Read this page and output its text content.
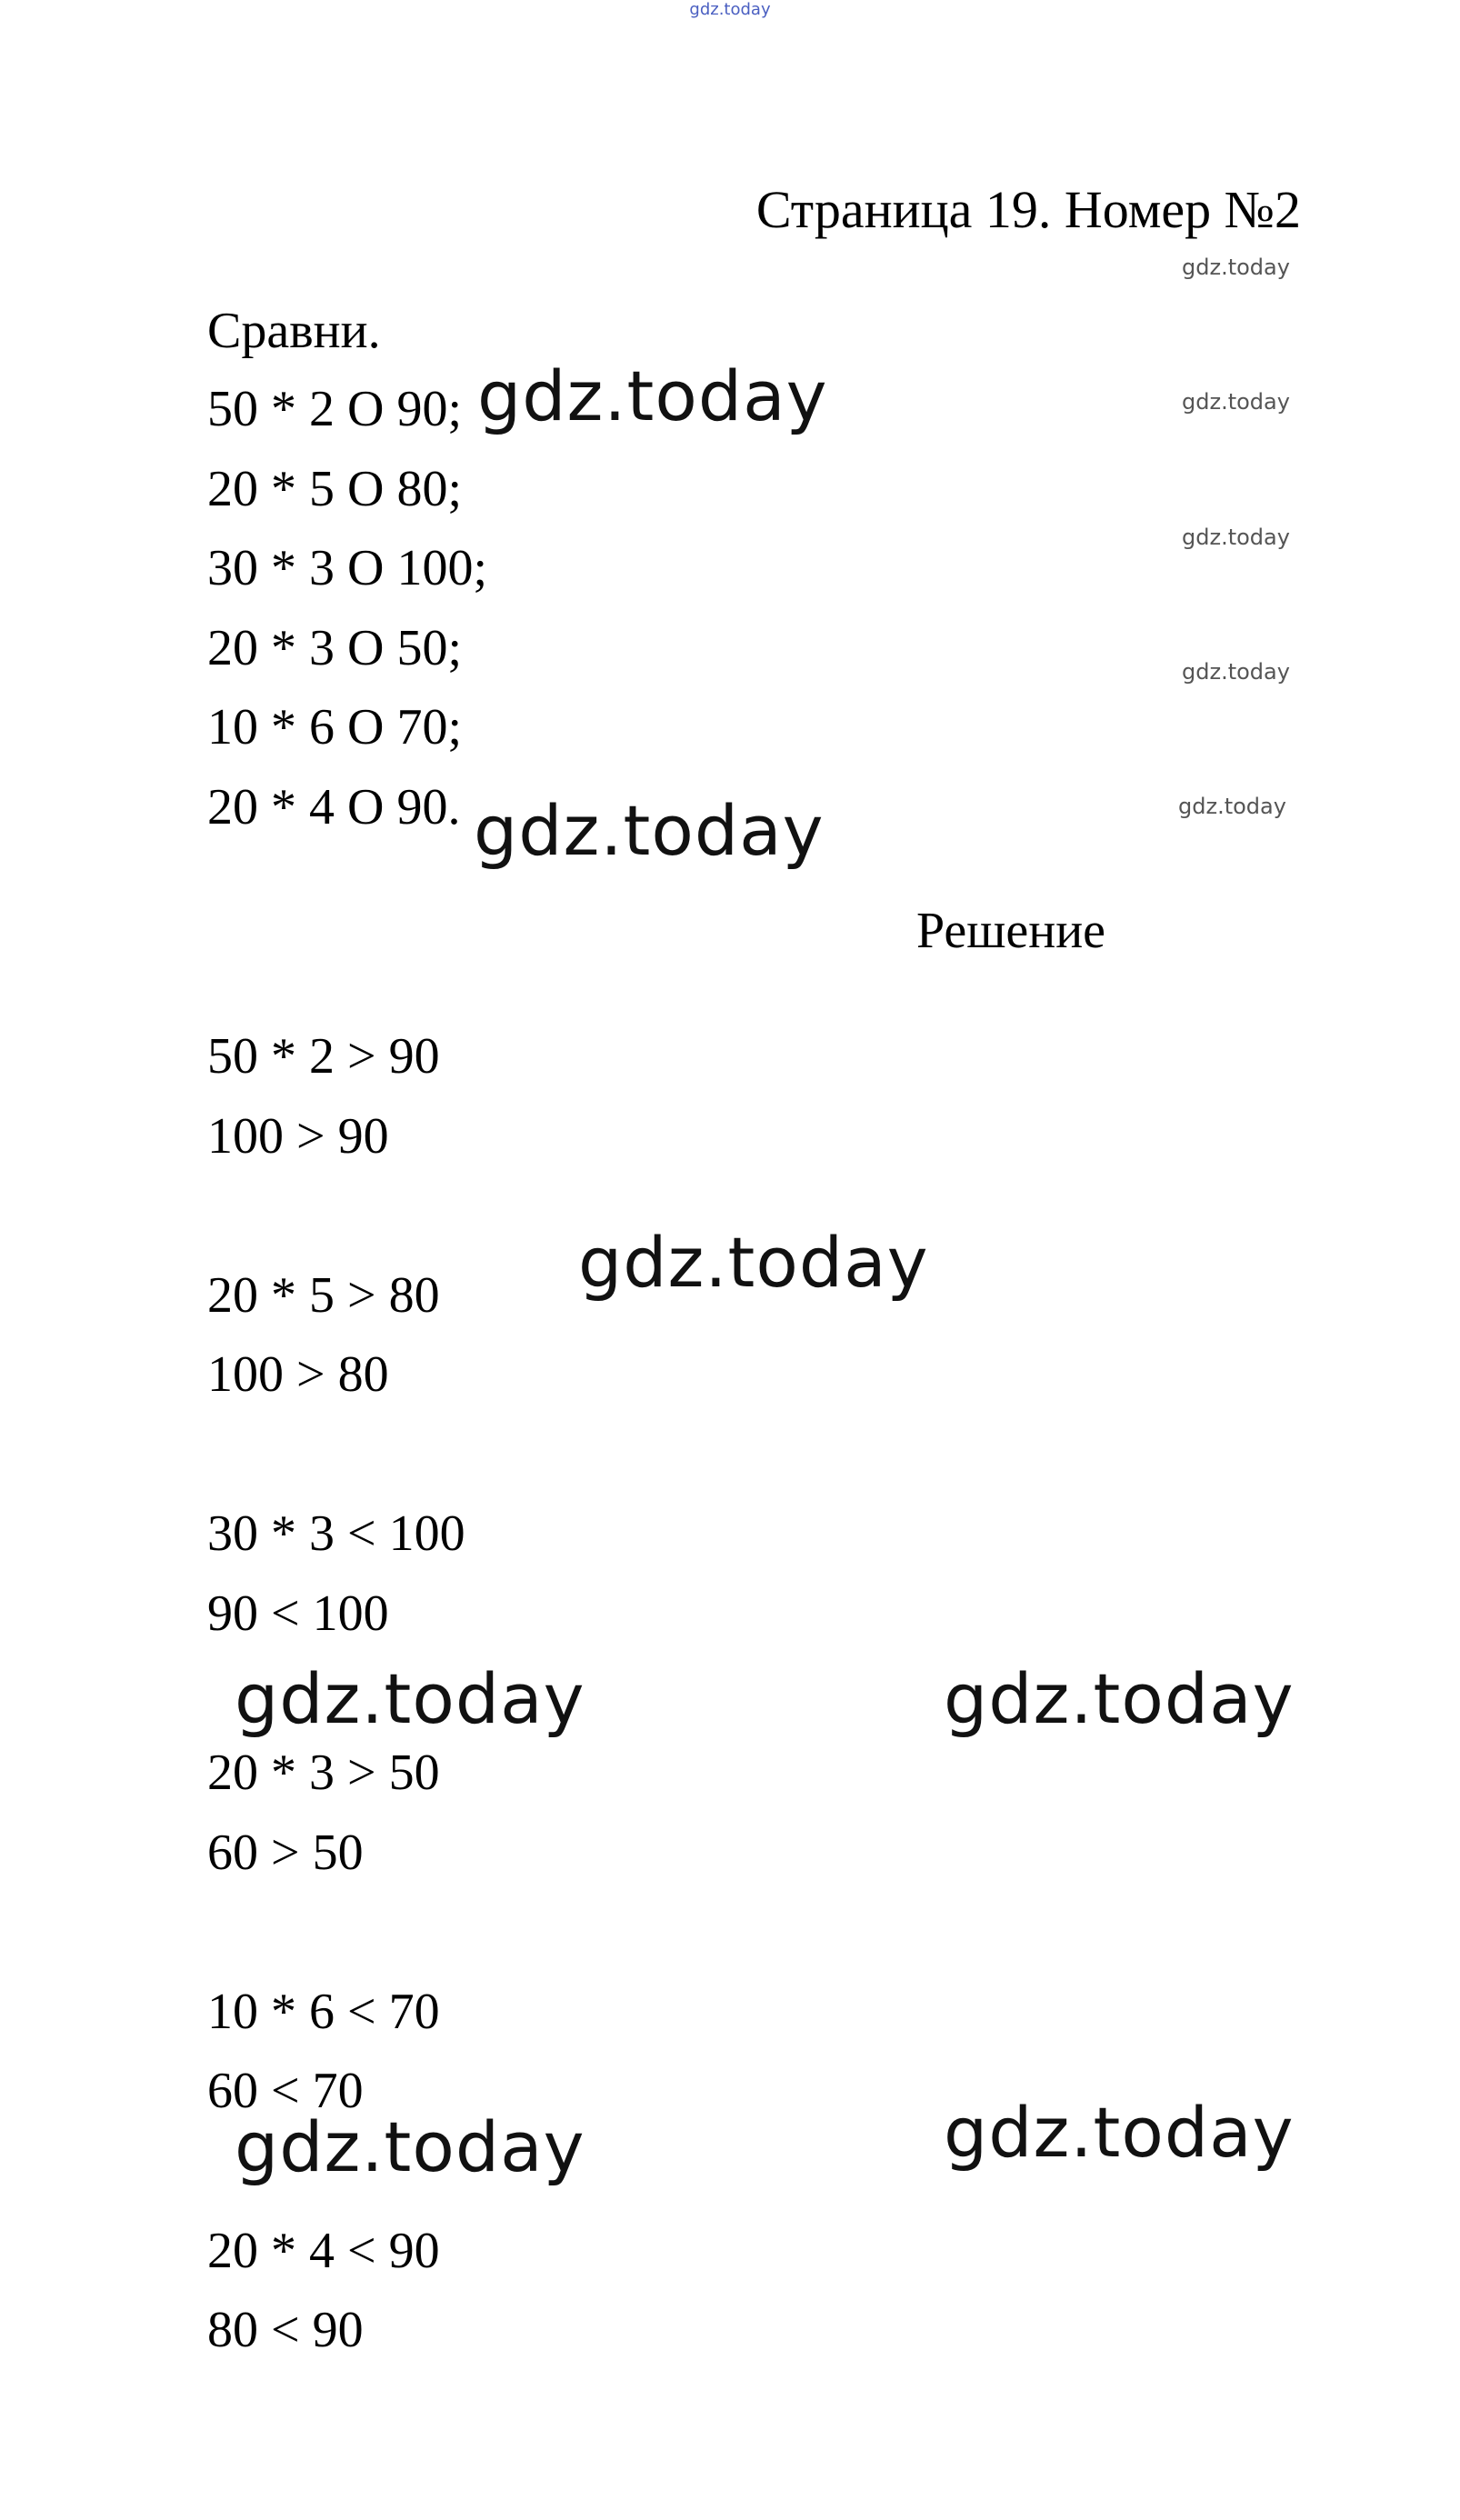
gdz.today
Страница 19. Номер №2
gdz.today
gdz.today
gdz.today
gdz.today
gdz.today
Сравни.
50 * 2 O 90;
20 * 5 O 80;
30 * 3 O 100;
20 * 3 O 50;
10 * 6 O 70;
20 * 4 O 90.
Решение
50 * 2 > 90
100 > 90
20 * 5 > 80
100 > 80
30 * 3 < 100
90 < 100
20 * 3 > 50
60 > 50
10 * 6 < 70
60 < 70
20 * 4 < 90
80 < 90
gdz.today
gdz.today
gdz.today
gdz.today	gdz.today
gdz.today	gdz.today
